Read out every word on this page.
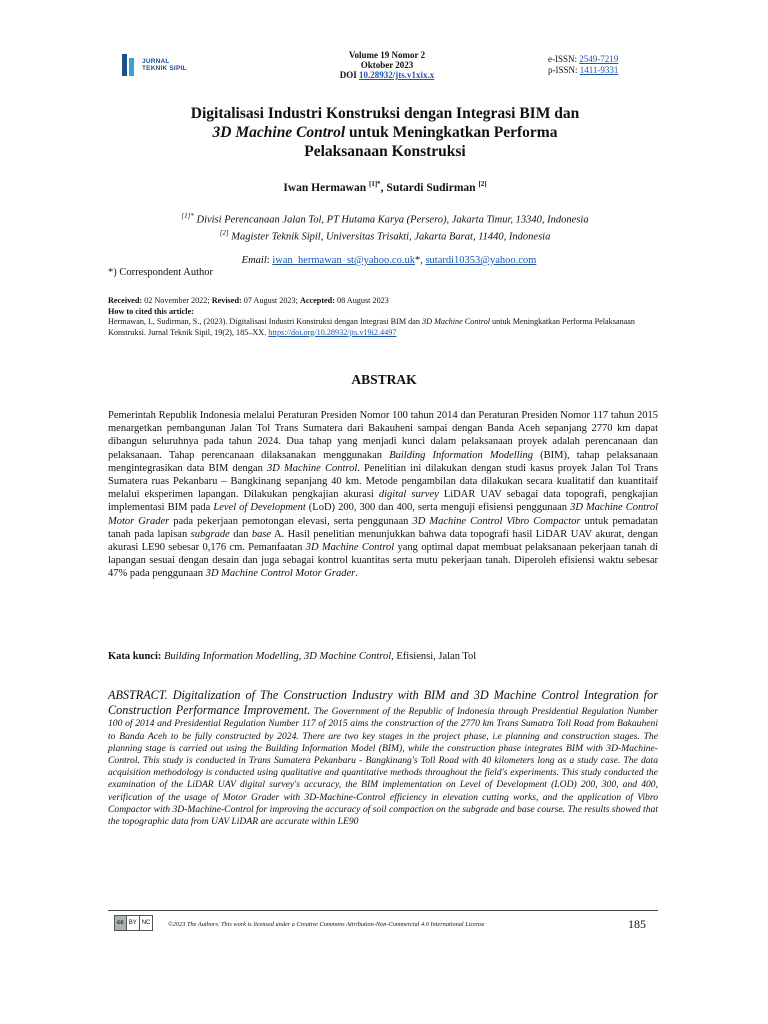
JURNAL
TEKNIK SIPIL
Volume 19 Nomor 2
Oktober 2023
DOI 10.28932/jts.v1xix.x
e-ISSN: 2549-7219
p-ISSN: 1411-9331
Digitalisasi Industri Konstruksi dengan Integrasi BIM dan
3D Machine Control untuk Meningkatkan Performa
Pelaksanaan Konstruksi
Iwan Hermawan $^{[1]*}$, Sutardi Sudirman [2]
$^{[1]*}$ Divisi Perencanaan Jalan Tol, PT Hutama Karya (Persero), Jakarta Timur, 13340, Indonesia
[2] Magister Teknik Sipil, Universitas Trisakti, Jakarta Barat, 11440, Indonesia
Email: iwan_hermawan_st@yahoo.co.uk*, sutardi10353@yahoo.com
*) Correspondent Author
Received: 02 November 2022; Revised: 07 August 2023; Accepted: 08 August 2023
How to cited this article:
Hermawan, I., Sudirman, S., (2023). Digitalisasi Industri Konstruksi dengan Integrasi BIM dan 3D Machine Control untuk Meningkatkan Performa Pelaksanaan Konstruksi. Jurnal Teknik Sipil, 19(2), 185–XX. https://doi.org/10.28932/jts.v19i2.4497
ABSTRAK
Pemerintah Republik Indonesia melalui Peraturan Presiden Nomor 100 tahun 2014 dan Peraturan Presiden Nomor 117 tahun 2015 menargetkan pembangunan Jalan Tol Trans Sumatera dari Bakauheni sampai dengan Banda Aceh sepanjang 2770 km dapat dibangun seluruhnya pada tahun 2024. Dua tahap yang menjadi kunci dalam pelaksanaan proyek adalah perencanaan dan pelaksanaan. Tahap perencanaan dilaksanakan menggunakan Building Information Modelling (BIM), tahap pelaksanaan mengintegrasikan data BIM dengan 3D Machine Control. Penelitian ini dilakukan dengan studi kasus proyek Jalan Tol Trans Sumatera ruas Pekanbaru – Bangkinang sepanjang 40 km. Metode pengambilan data dilakukan secara kualitatif dan kuantitaif melalui eksperimen lapangan. Dilakukan pengkajian akurasi digital survey LiDAR UAV sebagai data topografi, pengkajian implementasi BIM pada Level of Development (LoD) 200, 300 dan 400, serta menguji efisiensi penggunaan 3D Machine Control Motor Grader pada pekerjaan pemotongan elevasi, serta penggunaan 3D Machine Control Vibro Compactor untuk pemadatan tanah pada lapisan subgrade dan base A. Hasil penelitian menunjukkan bahwa data topografi hasil LiDAR UAV akurat, dengan akurasi LE90 sebesar 0,176 cm. Pemanfaatan 3D Machine Control yang optimal dapat membuat pelaksanaan pekerjaan tanah di lapangan sesuai dengan desain dan juga sebagai kontrol kuantitas serta mutu pekerjaan tanah. Diperoleh efisiensi waktu sebesar 47% pada penggunaan 3D Machine Control Motor Grader.
Kata kunci: Building Information Modelling, 3D Machine Control, Efisiensi, Jalan Tol
ABSTRACT. Digitalization of The Construction Industry with BIM and 3D Machine Control Integration for Construction Performance Improvement. The Government of the Republic of Indonesia through Presidential Regulation Number 100 of 2014 and Presidential Regulation Number 117 of 2015 aims the construction of the 2770 km Trans Sumatra Toll Road from Bakauheni to Banda Aceh to be fully constructed by 2024. There are two key stages in the project phase, i.e planning and construction stages. The planning stage is carried out using the Building Information Model (BIM), while the construction phase integrates BIM with 3D-Machine-Control. This study is conducted in Trans Sumatera Pekanbaru - Bangkinang's Toll Road with 40 kilometers long as a study case. The data acquisition methodology is conducted using qualitative and quantitative methods throughout the field's experiments. This study conducted the examination of the LiDAR UAV digital survey's accuracy, the BIM implementation on Level of Development (LOD) 200, 300, and 400, verification of the usage of Motor Grader with 3D-Machine-Control efficiency in elevation cutting works, and the application of Vibro Compactor with 3D-Machine-Control for improving the accuracy of soil compaction on the subgrade and base course. The results showed that the topographic data from UAV LiDAR are accurate within LE90
cc BY NC	©2023 The Authors. This work is licensed under a Creative Commons Attribution-Non-Commercial 4.0 International License	185
